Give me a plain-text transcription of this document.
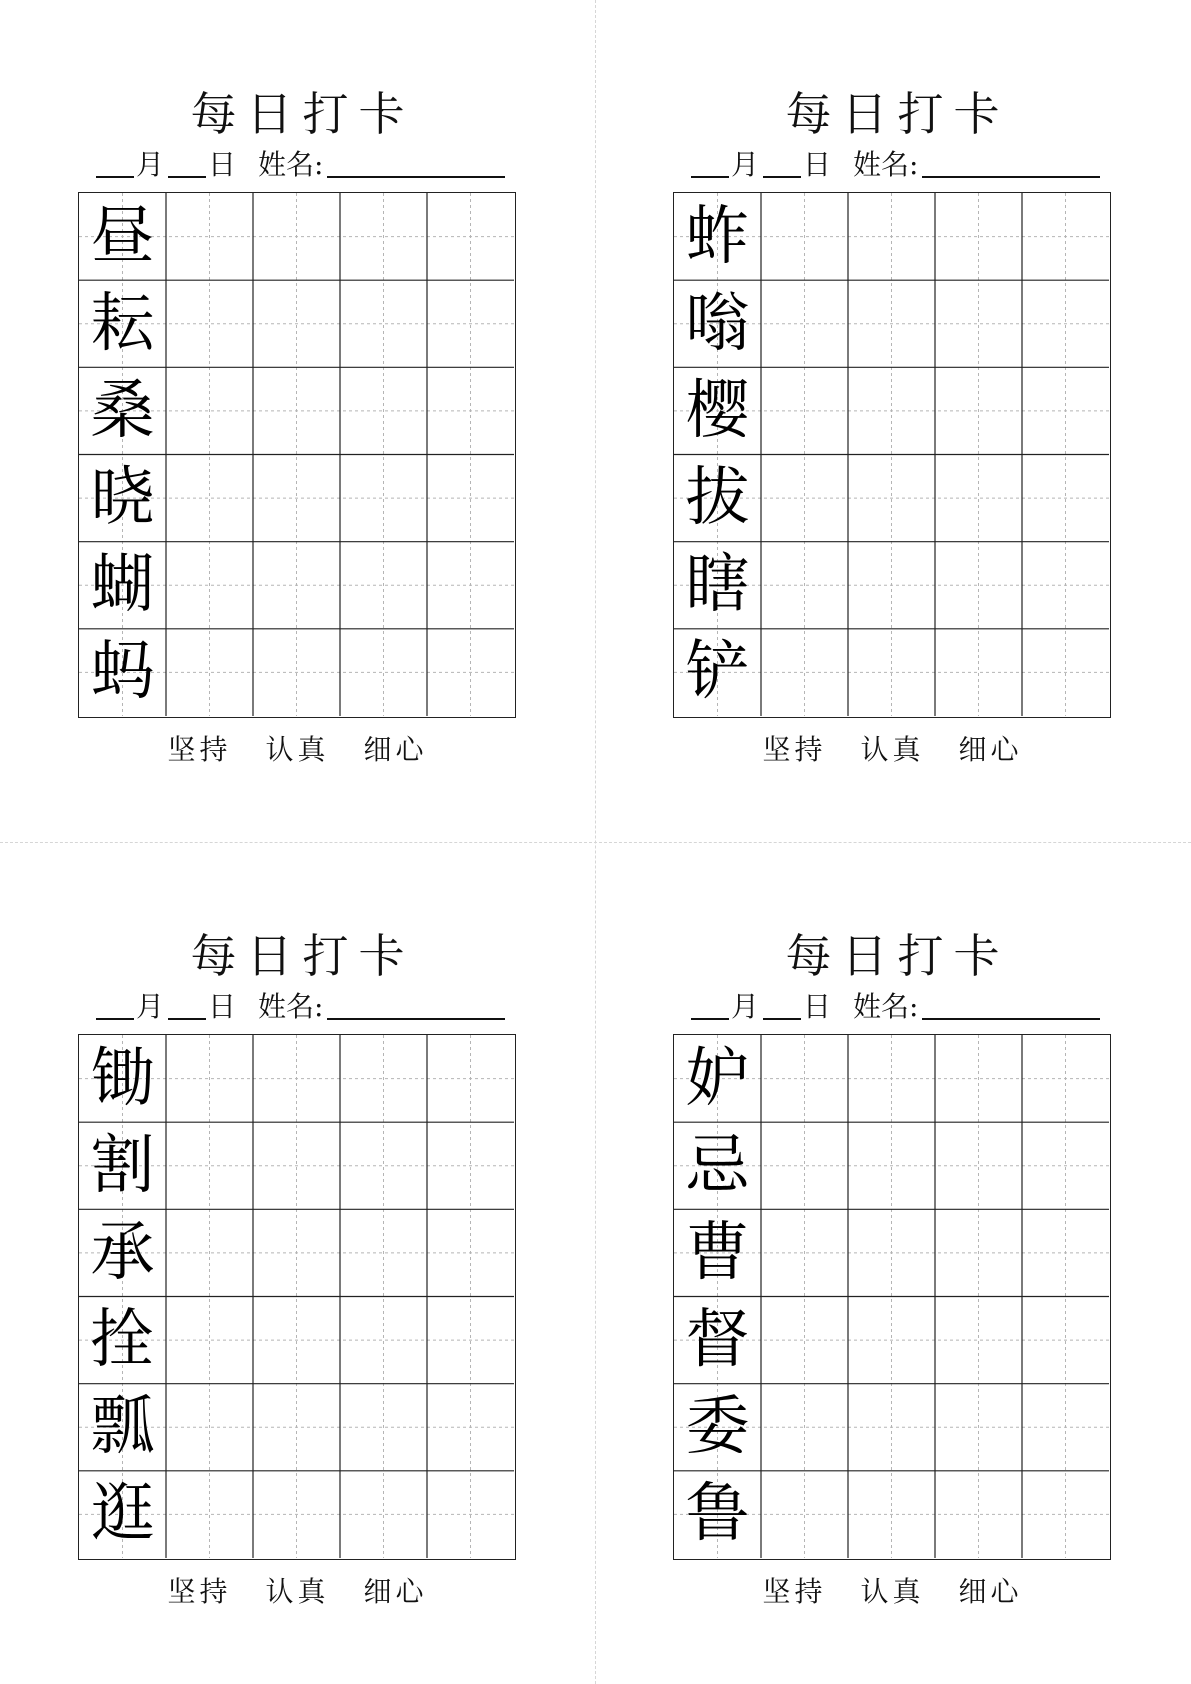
每日打卡
月 日 姓名:
昼
耘
桑
晓
蝴
蚂
坚持 认真 细心
每日打卡
月 日 姓名:
蚱
嗡
樱
拔
瞎
铲
坚持 认真 细心
每日打卡
月 日 姓名:
锄
割
承
拴
瓢
逛
坚持 认真 细心
每日打卡
月 日 姓名:
妒
忌
曹
督
委
鲁
坚持 认真 细心
